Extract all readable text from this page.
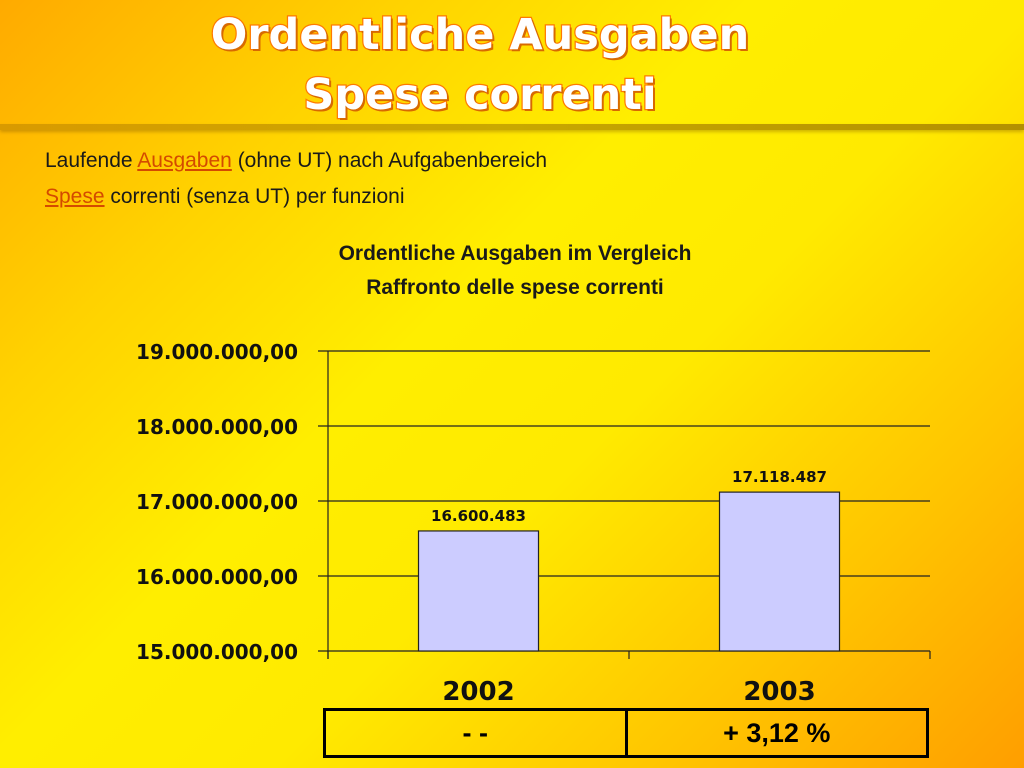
Ordentliche Ausgaben
Spese correnti
Laufende Ausgaben (ohne UT) nach Aufgabenbereich
Spese correnti (senza UT) per funzioni
Ordentliche Ausgaben im Vergleich
Raffronto delle spese correnti
15.000.000,00
16.000.000,00
17.000.000,00
18.000.000,00
19.000.000,00
16.600.483
2002
17.118.487
2003
- -	+ 3,12 %
